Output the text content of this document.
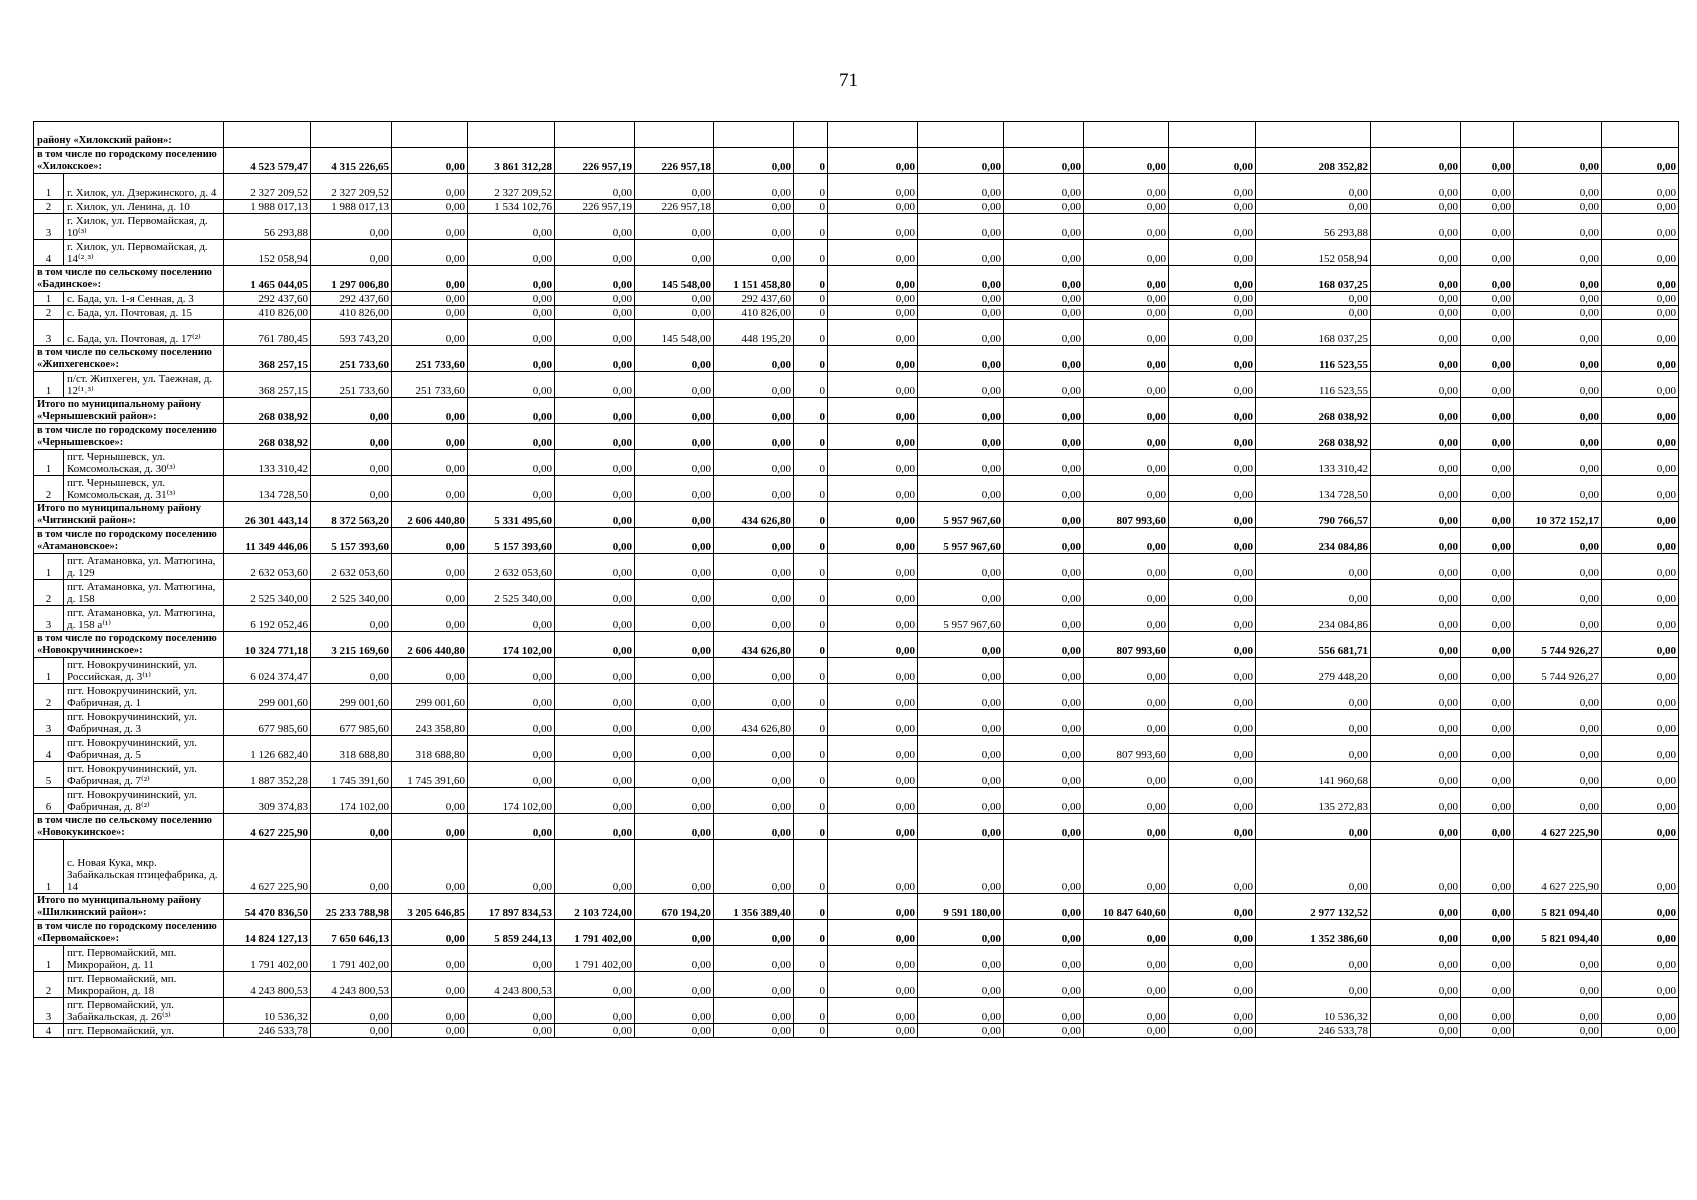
71
району «Хилокский район»:																				
в том числе по городскому поселению «Хилокское»:		4 523 579,47	4 315 226,65	0,00	3 861 312,28	226 957,19	226 957,18	0,00	0	0,00	0,00	0,00	0,00	0,00	208 352,82	0,00	0,00	0,00	0,00	
1	г. Хилок, ул. Дзержинского, д. 4	2 327 209,52	2 327 209,52	0,00	2 327 209,52	0,00	0,00	0,00	0	0,00	0,00	0,00	0,00	0,00	0,00	0,00	0,00	0,00	0,00	
2	г. Хилок, ул. Ленина, д. 10	1 988 017,13	1 988 017,13	0,00	1 534 102,76	226 957,19	226 957,18	0,00	0	0,00	0,00	0,00	0,00	0,00	0,00	0,00	0,00	0,00	0,00	
3	г. Хилок, ул. Первомайская, д. 10⁽³⁾	56 293,88	0,00	0,00	0,00	0,00	0,00	0,00	0	0,00	0,00	0,00	0,00	0,00	56 293,88	0,00	0,00	0,00	0,00	
4	г. Хилок, ул. Первомайская, д. 14⁽²˒³⁾	152 058,94	0,00	0,00	0,00	0,00	0,00	0,00	0	0,00	0,00	0,00	0,00	0,00	152 058,94	0,00	0,00	0,00	0,00	
в том числе по сельскому поселению «Бадинское»:		1 465 044,05	1 297 006,80	0,00	0,00	0,00	145 548,00	1 151 458,80	0	0,00	0,00	0,00	0,00	0,00	168 037,25	0,00	0,00	0,00	0,00	
1	с. Бада, ул. 1-я Сенная, д. 3	292 437,60	292 437,60	0,00	0,00	0,00	0,00	292 437,60	0	0,00	0,00	0,00	0,00	0,00	0,00	0,00	0,00	0,00	0,00	
2	с. Бада, ул. Почтовая, д. 15	410 826,00	410 826,00	0,00	0,00	0,00	0,00	410 826,00	0	0,00	0,00	0,00	0,00	0,00	0,00	0,00	0,00	0,00	0,00	
3	с. Бада, ул. Почтовая, д. 17⁽²⁾	761 780,45	593 743,20	0,00	0,00	0,00	145 548,00	448 195,20	0	0,00	0,00	0,00	0,00	0,00	168 037,25	0,00	0,00	0,00	0,00	
в том числе по сельскому поселению «Жипхегенское»:		368 257,15	251 733,60	251 733,60	0,00	0,00	0,00	0,00	0	0,00	0,00	0,00	0,00	0,00	116 523,55	0,00	0,00	0,00	0,00	
1	п/ст. Жипхеген, ул. Таежная, д. 12⁽¹˒³⁾	368 257,15	251 733,60	251 733,60	0,00	0,00	0,00	0,00	0	0,00	0,00	0,00	0,00	0,00	116 523,55	0,00	0,00	0,00	0,00	
Итого по муниципальному району «Чернышевский район»:		268 038,92	0,00	0,00	0,00	0,00	0,00	0,00	0	0,00	0,00	0,00	0,00	0,00	268 038,92	0,00	0,00	0,00	0,00	
в том числе по городскому поселению «Чернышевское»:		268 038,92	0,00	0,00	0,00	0,00	0,00	0,00	0	0,00	0,00	0,00	0,00	0,00	268 038,92	0,00	0,00	0,00	0,00	
1	пгт. Чернышевск, ул. Комсомольская, д. 30⁽³⁾	133 310,42	0,00	0,00	0,00	0,00	0,00	0,00	0	0,00	0,00	0,00	0,00	0,00	133 310,42	0,00	0,00	0,00	0,00	
2	пгт. Чернышевск, ул. Комсомольская, д. 31⁽³⁾	134 728,50	0,00	0,00	0,00	0,00	0,00	0,00	0	0,00	0,00	0,00	0,00	0,00	134 728,50	0,00	0,00	0,00	0,00	
Итого по муниципальному району «Читинский район»:		26 301 443,14	8 372 563,20	2 606 440,80	5 331 495,60	0,00	0,00	434 626,80	0	0,00	5 957 967,60	0,00	807 993,60	0,00	790 766,57	0,00	0,00	10 372 152,17	0,00	
в том числе по городскому поселению «Атамановское»:		11 349 446,06	5 157 393,60	0,00	5 157 393,60	0,00	0,00	0,00	0	0,00	5 957 967,60	0,00	0,00	0,00	234 084,86	0,00	0,00	0,00	0,00	
1	пгт. Атамановка, ул. Матюгина, д. 129	2 632 053,60	2 632 053,60	0,00	2 632 053,60	0,00	0,00	0,00	0	0,00	0,00	0,00	0,00	0,00	0,00	0,00	0,00	0,00	0,00	
2	пгт. Атамановка, ул. Матюгина, д. 158	2 525 340,00	2 525 340,00	0,00	2 525 340,00	0,00	0,00	0,00	0	0,00	0,00	0,00	0,00	0,00	0,00	0,00	0,00	0,00	0,00	
3	пгт. Атамановка, ул. Матюгина, д. 158 а⁽¹⁾	6 192 052,46	0,00	0,00	0,00	0,00	0,00	0,00	0	0,00	5 957 967,60	0,00	0,00	0,00	234 084,86	0,00	0,00	0,00	0,00	
в том числе по городскому поселению «Новокручининское»:		10 324 771,18	3 215 169,60	2 606 440,80	174 102,00	0,00	0,00	434 626,80	0	0,00	0,00	0,00	807 993,60	0,00	556 681,71	0,00	0,00	5 744 926,27	0,00	
1	пгт. Новокручининский, ул. Российская, д. 3⁽¹⁾	6 024 374,47	0,00	0,00	0,00	0,00	0,00	0,00	0	0,00	0,00	0,00	0,00	0,00	279 448,20	0,00	0,00	5 744 926,27	0,00	
2	пгт. Новокручининский, ул. Фабричная, д. 1	299 001,60	299 001,60	299 001,60	0,00	0,00	0,00	0,00	0	0,00	0,00	0,00	0,00	0,00	0,00	0,00	0,00	0,00	0,00	
3	пгт. Новокручининский, ул. Фабричная, д. 3	677 985,60	677 985,60	243 358,80	0,00	0,00	0,00	434 626,80	0	0,00	0,00	0,00	0,00	0,00	0,00	0,00	0,00	0,00	0,00	
4	пгт. Новокручининский, ул. Фабричная, д. 5	1 126 682,40	318 688,80	318 688,80	0,00	0,00	0,00	0,00	0	0,00	0,00	0,00	807 993,60	0,00	0,00	0,00	0,00	0,00	0,00	
5	пгт. Новокручининский, ул. Фабричная, д. 7⁽²⁾	1 887 352,28	1 745 391,60	1 745 391,60	0,00	0,00	0,00	0,00	0	0,00	0,00	0,00	0,00	0,00	141 960,68	0,00	0,00	0,00	0,00	
6	пгт. Новокручининский, ул. Фабричная, д. 8⁽²⁾	309 374,83	174 102,00	0,00	174 102,00	0,00	0,00	0,00	0	0,00	0,00	0,00	0,00	0,00	135 272,83	0,00	0,00	0,00	0,00	
в том числе по сельскому поселению «Новокукинское»:		4 627 225,90	0,00	0,00	0,00	0,00	0,00	0,00	0	0,00	0,00	0,00	0,00	0,00	0,00	0,00	0,00	4 627 225,90	0,00	
1	с. Новая Кука, мкр. Забайкальская птицефабрика, д. 14	4 627 225,90	0,00	0,00	0,00	0,00	0,00	0,00	0	0,00	0,00	0,00	0,00	0,00	0,00	0,00	0,00	4 627 225,90	0,00	
Итого по муниципальному району «Шилкинский район»:		54 470 836,50	25 233 788,98	3 205 646,85	17 897 834,53	2 103 724,00	670 194,20	1 356 389,40	0	0,00	9 591 180,00	0,00	10 847 640,60	0,00	2 977 132,52	0,00	0,00	5 821 094,40	0,00	
в том числе по городскому поселению «Первомайское»:		14 824 127,13	7 650 646,13	0,00	5 859 244,13	1 791 402,00	0,00	0,00	0	0,00	0,00	0,00	0,00	0,00	1 352 386,60	0,00	0,00	5 821 094,40	0,00	
1	пгт. Первомайский, мп. Микрорайон, д. 11	1 791 402,00	1 791 402,00	0,00	0,00	1 791 402,00	0,00	0,00	0	0,00	0,00	0,00	0,00	0,00	0,00	0,00	0,00	0,00	0,00	
2	пгт. Первомайский, мп. Микрорайон, д. 18	4 243 800,53	4 243 800,53	0,00	4 243 800,53	0,00	0,00	0,00	0	0,00	0,00	0,00	0,00	0,00	0,00	0,00	0,00	0,00	0,00	
3	пгт. Первомайский, ул. Забайкальская, д. 26⁽³⁾	10 536,32	0,00	0,00	0,00	0,00	0,00	0,00	0	0,00	0,00	0,00	0,00	0,00	10 536,32	0,00	0,00	0,00	0,00	
4	пгт. Первомайский, ул.	246 533,78	0,00	0,00	0,00	0,00	0,00	0,00	0	0,00	0,00	0,00	0,00	0,00	246 533,78	0,00	0,00	0,00	0,00	
